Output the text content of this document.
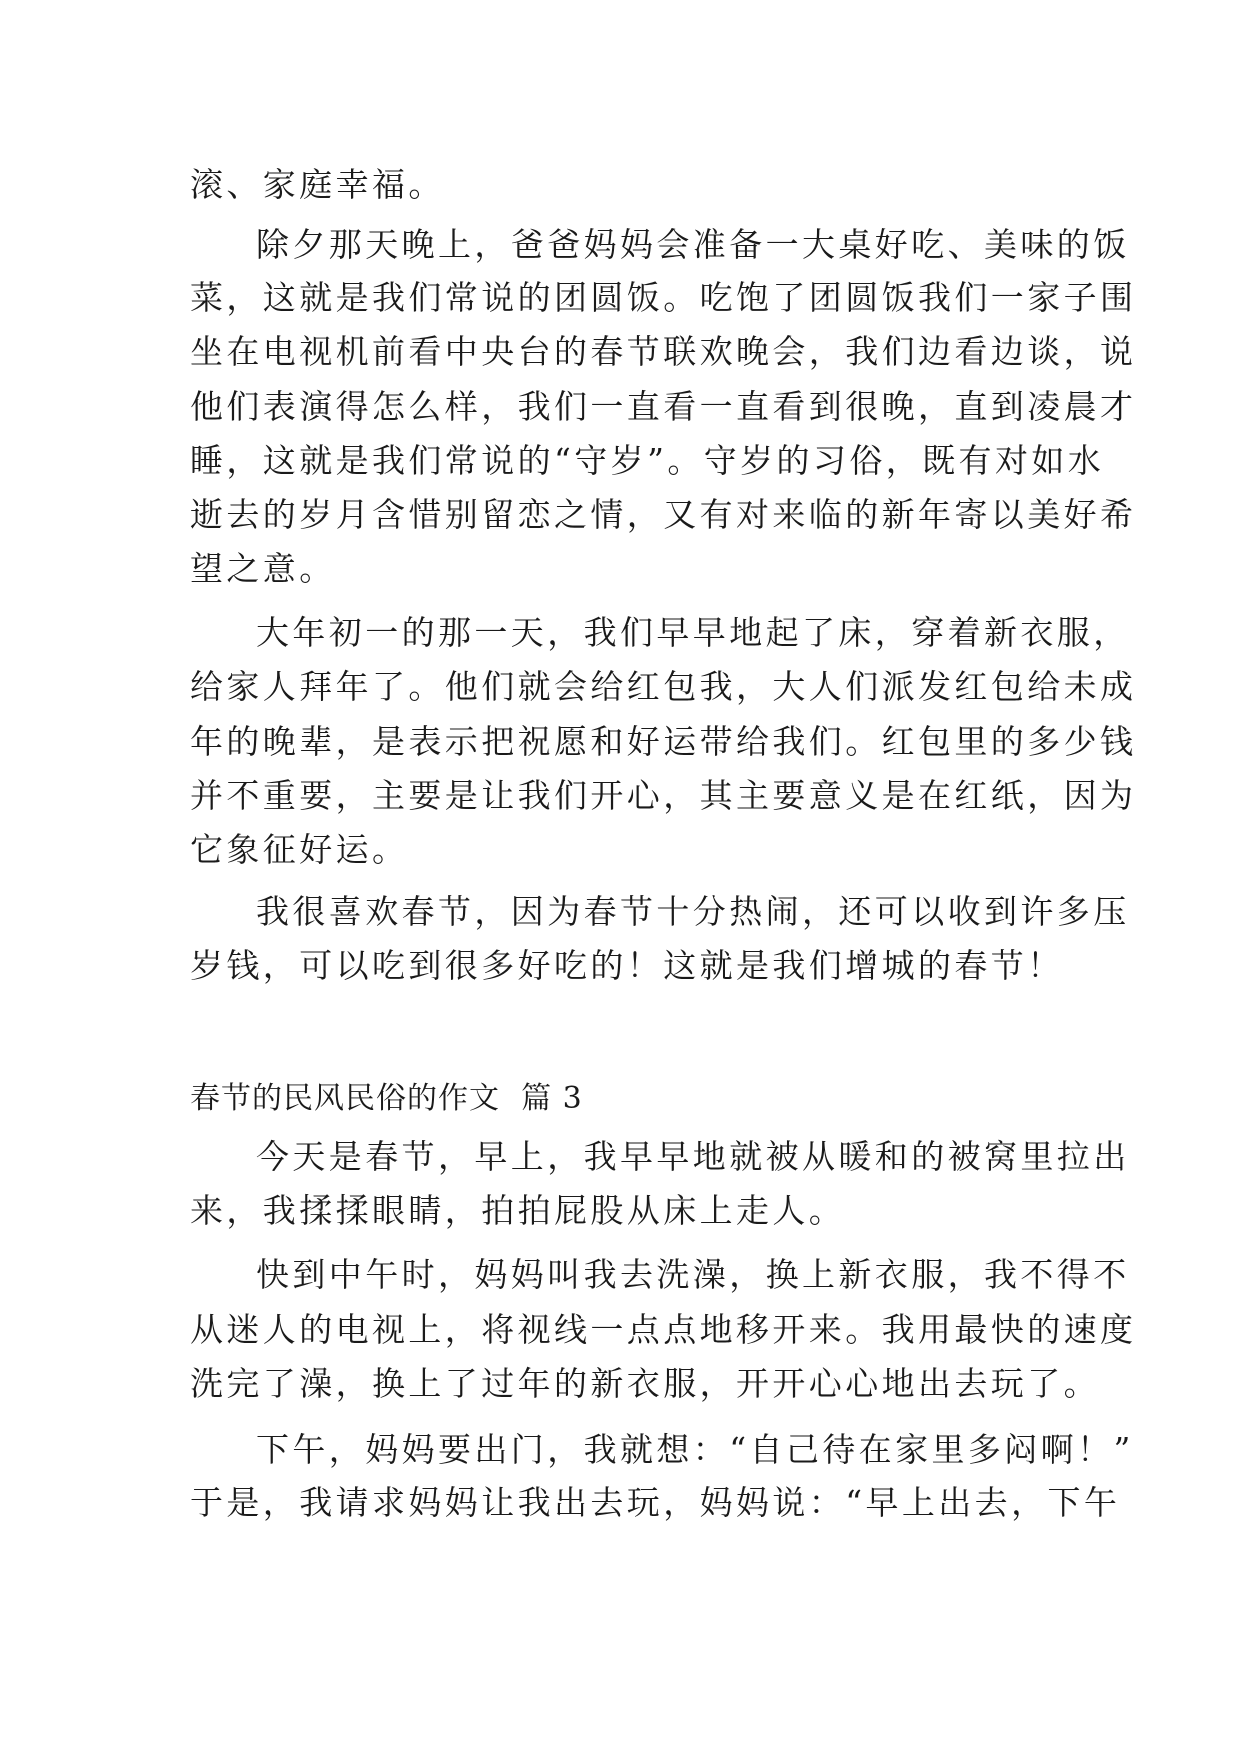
滚、家庭幸福。
除夕那天晚上，爸爸妈妈会准备一大桌好吃、美味的饭
菜，这就是我们常说的团圆饭。吃饱了团圆饭我们一家子围
坐在电视机前看中央台的春节联欢晚会，我们边看边谈，说
他们表演得怎么样，我们一直看一直看到很晚，直到凌晨才
睡，这就是我们常说的“守岁”。守岁的习俗，既有对如水
逝去的岁月含惜别留恋之情，又有对来临的新年寄以美好希
望之意。
大年初一的那一天，我们早早地起了床，穿着新衣服，
给家人拜年了。他们就会给红包我，大人们派发红包给未成
年的晚辈，是表示把祝愿和好运带给我们。红包里的多少钱
并不重要，主要是让我们开心，其主要意义是在红纸，因为
它象征好运。
我很喜欢春节，因为春节十分热闹，还可以收到许多压
岁钱，可以吃到很多好吃的！这就是我们增城的春节！
春节的民风民俗的作文  篇 3
今天是春节，早上，我早早地就被从暖和的被窝里拉出
来，我揉揉眼睛，拍拍屁股从床上走人。
快到中午时，妈妈叫我去洗澡，换上新衣服，我不得不
从迷人的电视上，将视线一点点地移开来。我用最快的速度
洗完了澡，换上了过年的新衣服，开开心心地出去玩了。
下午，妈妈要出门，我就想：“自己待在家里多闷啊！”
于是，我请求妈妈让我出去玩，妈妈说：“早上出去，下午
